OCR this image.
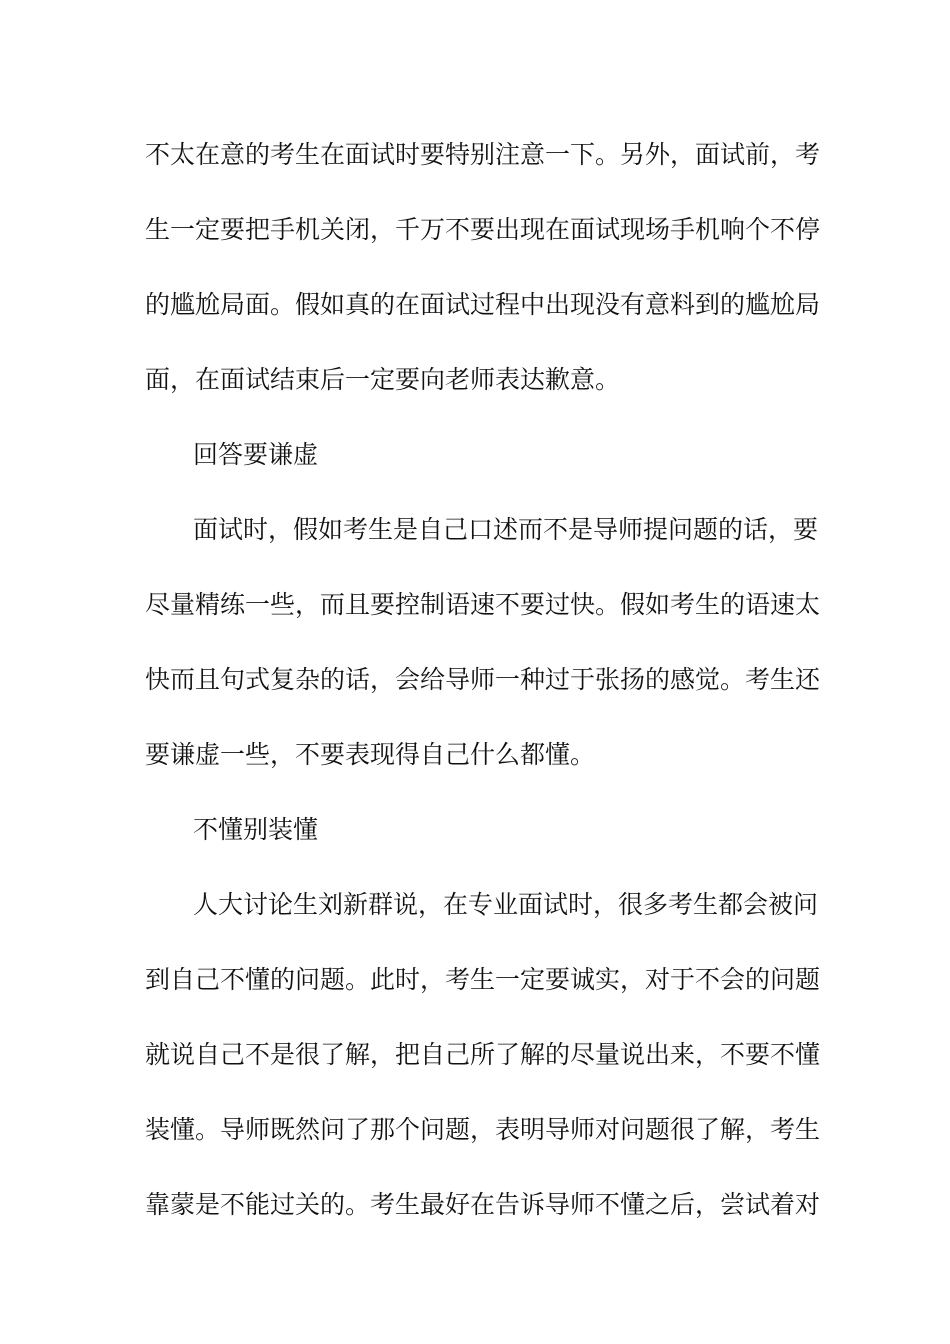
不太在意的考生在面试时要特别注意一下。另外，面试前，考
生一定要把手机关闭，千万不要出现在面试现场手机响个不停
的尴尬局面。假如真的在面试过程中出现没有意料到的尴尬局
面，在面试结束后一定要向老师表达歉意。
回答要谦虚
面试时，假如考生是自己口述而不是导师提问题的话，要
尽量精练一些，而且要控制语速不要过快。假如考生的语速太
快而且句式复杂的话，会给导师一种过于张扬的感觉。考生还
要谦虚一些，不要表现得自己什么都懂。
不懂别装懂
人大讨论生刘新群说，在专业面试时，很多考生都会被问
到自己不懂的问题。此时，考生一定要诚实，对于不会的问题
就说自己不是很了解，把自己所了解的尽量说出来，不要不懂
装懂。导师既然问了那个问题，表明导师对问题很了解，考生
靠蒙是不能过关的。考生最好在告诉导师不懂之后，尝试着对
